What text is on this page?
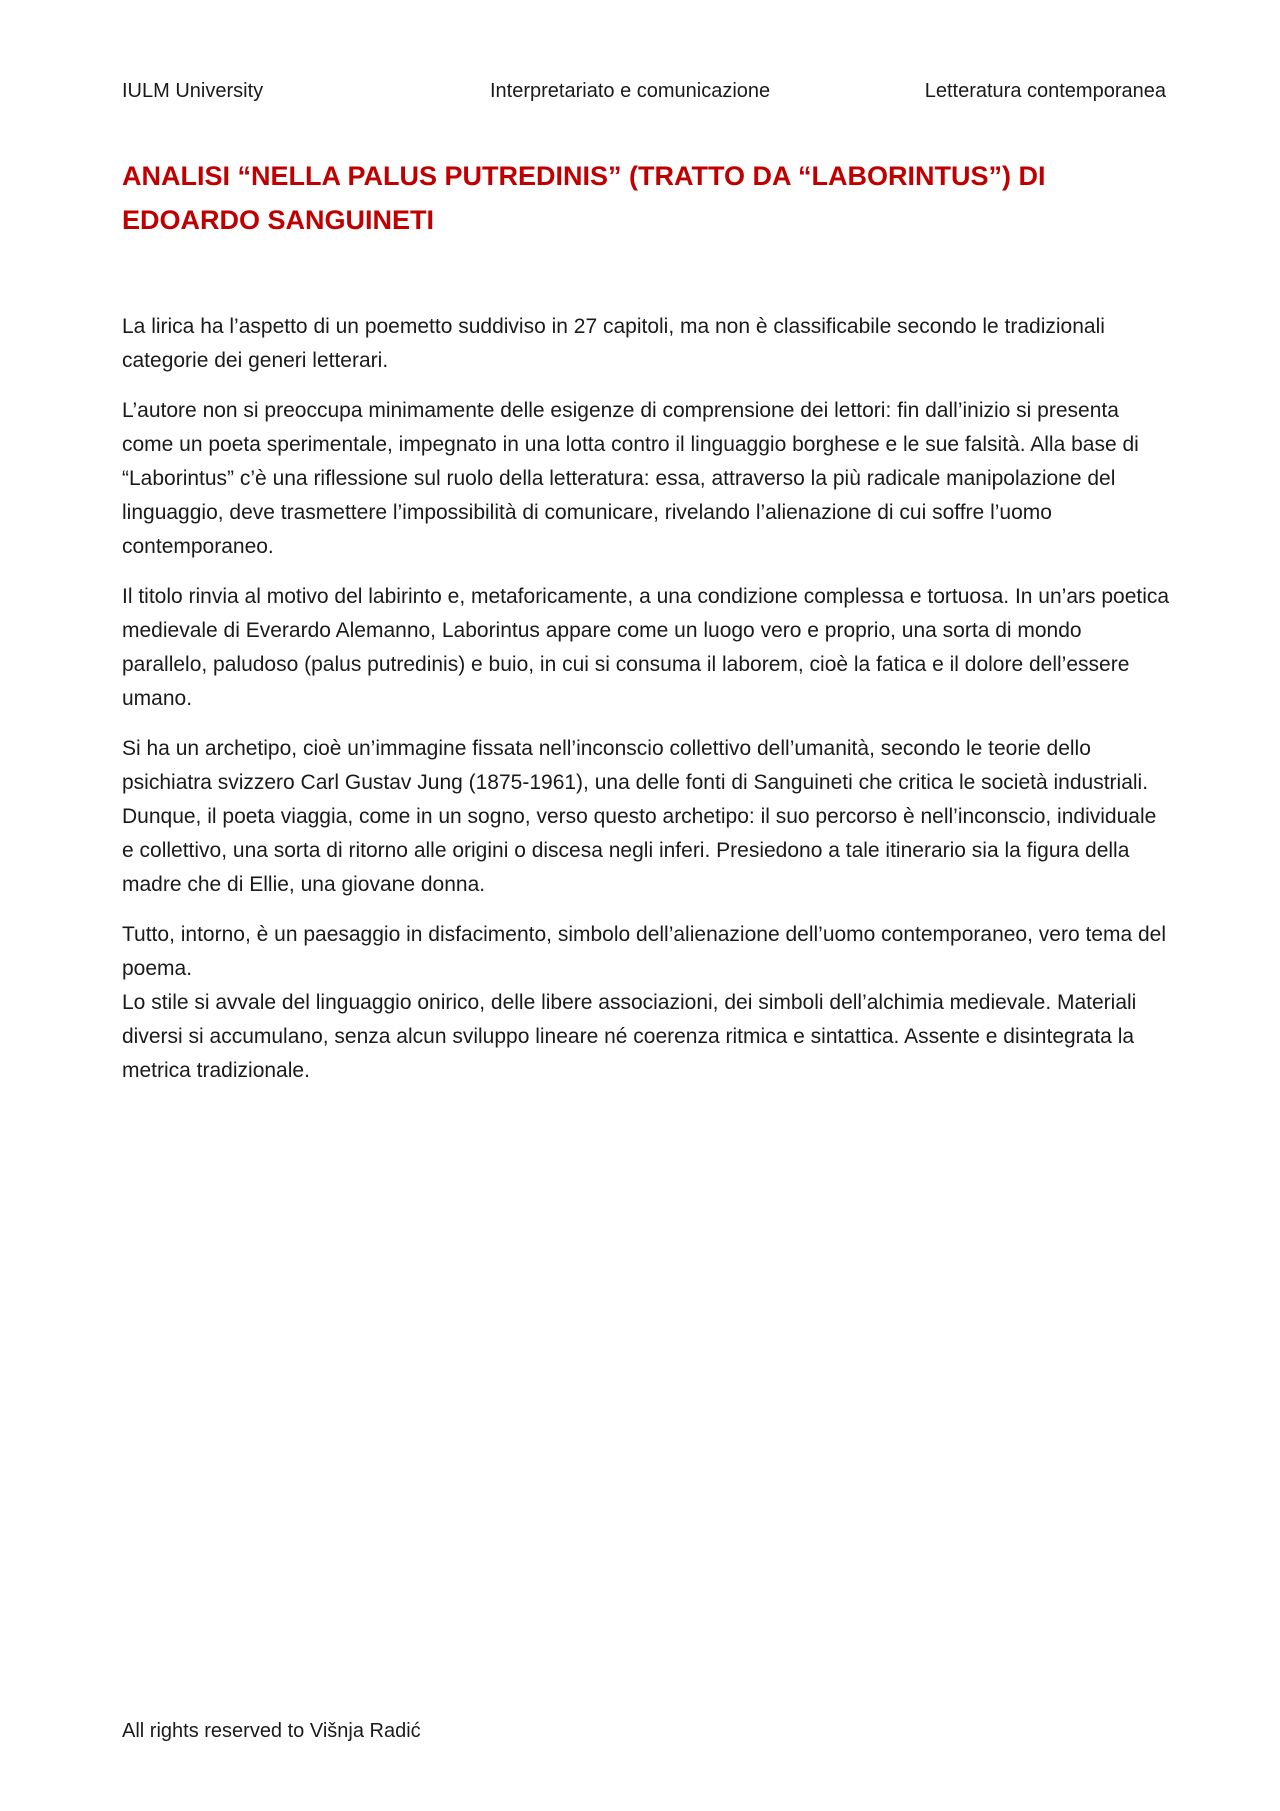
IULM University	Interpretariato e comunicazione	Letteratura contemporanea
ANALISI “NELLA PALUS PUTREDINIS” (TRATTO DA “LABORINTUS”) DI EDOARDO SANGUINETI

La lirica ha l’aspetto di un poemetto suddiviso in 27 capitoli, ma non è classificabile secondo le tradizionali categorie dei generi letterari.

L’autore non si preoccupa minimamente delle esigenze di comprensione dei lettori: fin dall’inizio si presenta come un poeta sperimentale, impegnato in una lotta contro il linguaggio borghese e le sue falsità. Alla base di “Laborintus” c’è una riflessione sul ruolo della letteratura: essa, attraverso la più radicale manipolazione del linguaggio, deve trasmettere l’impossibilità di comunicare, rivelando l’alienazione di cui soffre l’uomo contemporaneo.

Il titolo rinvia al motivo del labirinto e, metaforicamente, a una condizione complessa e tortuosa. In un’ars poetica medievale di Everardo Alemanno, Laborintus appare come un luogo vero e proprio, una sorta di mondo parallelo, paludoso (palus putredinis) e buio, in cui si consuma il laborem, cioè la fatica e il dolore dell’essere umano.

Si ha un archetipo, cioè un’immagine fissata nell’inconscio collettivo dell’umanità, secondo le teorie dello psichiatra svizzero Carl Gustav Jung (1875-1961), una delle fonti di Sanguineti che critica le società industriali. Dunque, il poeta viaggia, come in un sogno, verso questo archetipo: il suo percorso è nell’inconscio, individuale e collettivo, una sorta di ritorno alle origini o discesa negli inferi. Presiedono a tale itinerario sia la figura della madre che di Ellie, una giovane donna.

Tutto, intorno, è un paesaggio in disfacimento, simbolo dell’alienazione dell’uomo contemporaneo, vero tema del poema.

Lo stile si avvale del linguaggio onirico, delle libere associazioni, dei simboli dell’alchimia medievale. Materiali diversi si accumulano, senza alcun sviluppo lineare né coerenza ritmica e sintattica. Assente e disintegrata la metrica tradizionale.

All rights reserved to Višnja Radić
